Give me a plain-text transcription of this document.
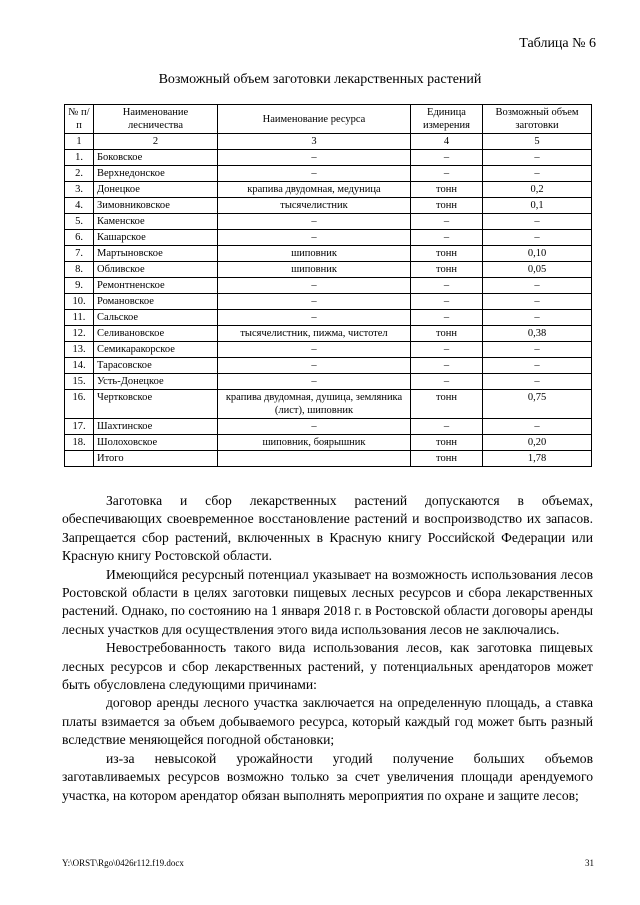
Таблица № 6
Возможный объем заготовки лекарственных растений
№ п/п	Наименование лесничества	Наименование ресурса	Единица измерения	Возможный объем заготовки
1	2	3	4	5
1.	Боковское	–	–	–
2.	Верхнедонское	–	–	–
3.	Донецкое	крапива двудомная, медуница	тонн	0,2
4.	Зимовниковское	тысячелистник	тонн	0,1
5.	Каменское	–	–	–
6.	Кашарское	–	–	–
7.	Мартыновское	шиповник	тонн	0,10
8.	Обливское	шиповник	тонн	0,05
9.	Ремонтненское	–	–	–
10.	Романовское	–	–	–
11.	Сальское	–	–	–
12.	Селивановское	тысячелистник, пижма, чистотел	тонн	0,38
13.	Семикаракорское	–	–	–
14.	Тарасовское	–	–	–
15.	Усть-Донецкое	–	–	–
16.	Чертковское	крапива двудомная, душица, земляника (лист), шиповник	тонн	0,75
17.	Шахтинское	–	–	–
18.	Шолоховское	шиповник, боярышник	тонн	0,20
	Итого		тонн	1,78

Заготовка и сбор лекарственных растений допускаются в объемах, обеспечивающих своевременное восстановление растений и воспроизводство их запасов. Запрещается сбор растений, включенных в Красную книгу Российской Федерации или Красную книгу Ростовской области.

Имеющийся ресурсный потенциал указывает на возможность использования лесов Ростовской области в целях заготовки пищевых лесных ресурсов и сбора лекарственных растений. Однако, по состоянию на 1 января 2018 г. в Ростовской области договоры аренды лесных участков для осуществления этого вида использования лесов не заключались.

Невостребованность такого вида использования лесов, как заготовка пищевых лесных ресурсов и сбор лекарственных растений, у потенциальных арендаторов может быть обусловлена следующими причинами:

договор аренды лесного участка заключается на определенную площадь, а ставка платы взимается за объем добываемого ресурса, который каждый год может быть разный вследствие меняющейся погодной обстановки;

из-за невысокой урожайности угодий получение больших объемов заготавливаемых ресурсов возможно только за счет увеличения площади арендуемого участка, на котором арендатор обязан выполнять мероприятия по охране и защите лесов;

Y:\ORST\Rgo\0426r112.f19.docx	31
